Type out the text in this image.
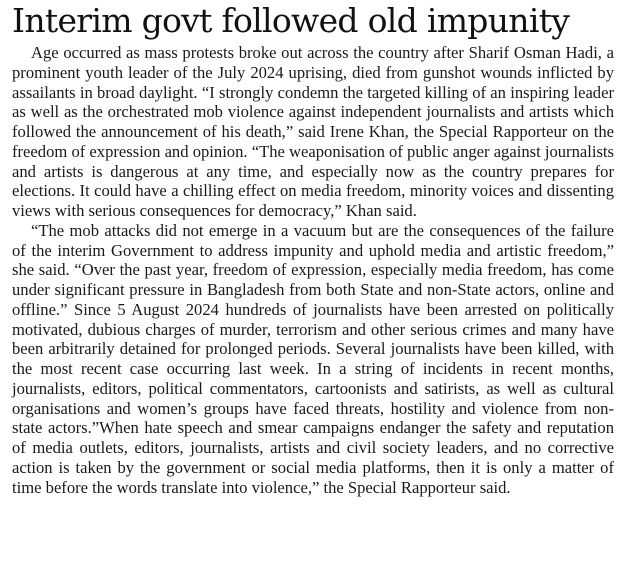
Interim govt followed old impunity

Age occurred as mass protests broke out across the country after Sharif Osman Hadi, a prominent youth leader of the July 2024 uprising, died from gunshot wounds inflicted by assailants in broad daylight. “I strongly condemn the targeted killing of an inspiring leader as well as the orchestrated mob violence against independent journalists and artists which followed the announcement of his death,” said Irene Khan, the Special Rapporteur on the freedom of expression and opinion. “The weaponisation of public anger against journalists and artists is dangerous at any time, and especially now as the country prepares for elections. It could have a chilling effect on media freedom, minority voices and dissenting views with serious consequences for democracy,” Khan said.

“The mob attacks did not emerge in a vacuum but are the consequences of the failure of the interim Government to address impunity and uphold media and artistic freedom,” she said. “Over the past year, freedom of expression, especially media freedom, has come under significant pressure in Bangladesh from both State and non-State actors, online and offline.” Since 5 August 2024 hundreds of journalists have been arrested on politically motivated, dubious charges of murder, terrorism and other serious crimes and many have been arbitrarily detained for prolonged periods. Several journalists have been killed, with the most recent case occurring last week. In a string of incidents in recent months, journalists, editors, political commentators, cartoonists and satirists, as well as cultural organisations and women’s groups have faced threats, hostility and violence from non-state actors.”When hate speech and smear campaigns endanger the safety and reputation of media outlets, editors, journalists, artists and civil society leaders, and no corrective action is taken by the government or social media platforms, then it is only a matter of time before the words translate into violence,” the Special Rapporteur said.
